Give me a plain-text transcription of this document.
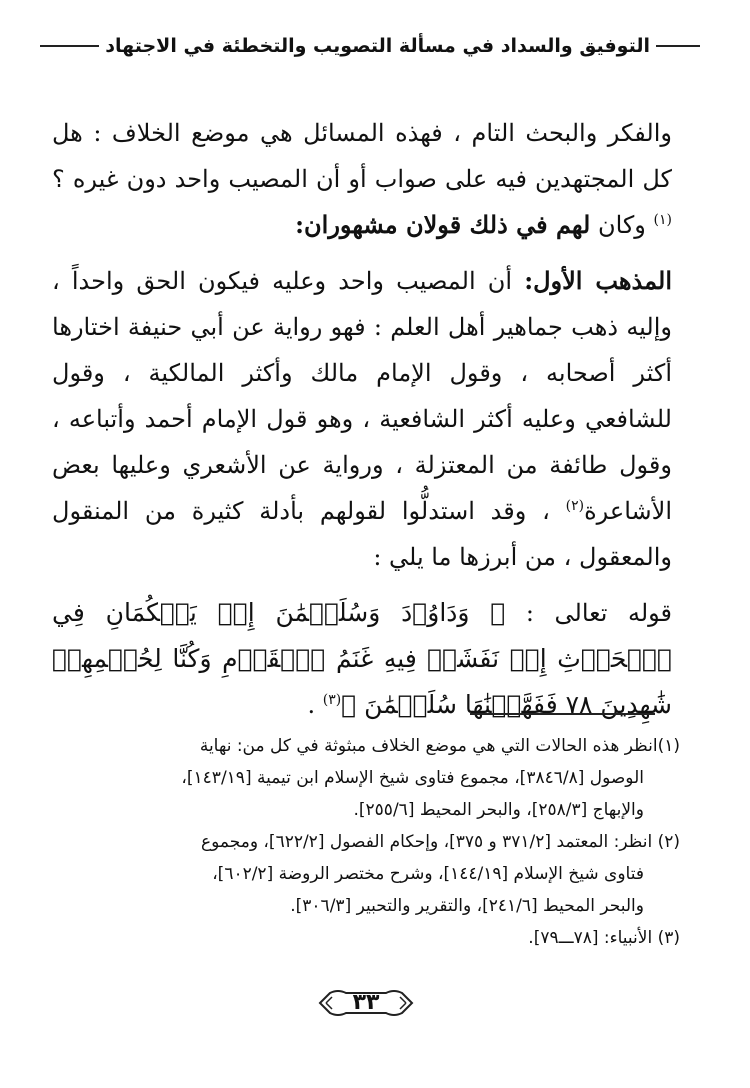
التوفيق والسداد في مسألة التصويب والتخطئة في الاجتهاد

والفكر والبحث التام ، فهذه المسائل هي موضع الخلاف : هل كل المجتهدين فيه على صواب أو أن المصيب واحد دون غيره ؟$^{(١)}$ وكان لهم في ذلك قولان مشهوران:

المذهب الأول: أن المصيب واحد وعليه فيكون الحق واحداً ، وإليه ذهب جماهير أهل العلم : فهو رواية عن أبي حنيفة اختارها أكثر أصحابه ، وقول الإمام مالك وأكثر المالكية ، وقول للشافعي وعليه أكثر الشافعية ، وهو قول الإمام أحمد وأتباعه ، وقول طائفة من المعتزلة ، ورواية عن الأشعري وعليها بعض الأشاعرة$^{(٢)}$ ، وقد استدلُّوا لقولهم بأدلة كثيرة من المنقول والمعقول ، من أبرزها ما يلي :

قوله تعالى : ﴿ وَدَاوُۥدَ وَسُلَيۡمَٰنَ إِذۡ يَحۡكُمَانِ فِي ٱلۡحَرۡثِ إِذۡ نَفَشَتۡ فِيهِ غَنَمُ ٱلۡقَوۡمِ وَكُنَّا لِحُكۡمِهِمۡ شَٰهِدِينَ ٧٨ فَفَهَّمۡنَٰهَا سُلَيۡمَٰنَ ﴾$^{(٣)}$ .

(١)انظر هذه الحالات التي هي موضع الخلاف مبثوثة في كل من: نهاية
الوصول [٣٨٤٦/٨]، مجموع فتاوى شيخ الإسلام ابن تيمية [١٤٣/١٩]،
والإبهاج [٢٥٨/٣]، والبحر المحيط [٢٥٥/٦].

(٢) انظر: المعتمد [٣٧١/٢ و ٣٧٥]، وإحكام الفصول [٦٢٢/٢]، ومجموع
فتاوى شيخ الإسلام [١٤٤/١٩]، وشرح مختصر الروضة [٦٠٢/٢]،
والبحر المحيط [٢٤١/٦]، والتقرير والتحبير [٣٠٦/٣].

(٣) الأنبياء: [٧٨ـــ٧٩].

٣٣
